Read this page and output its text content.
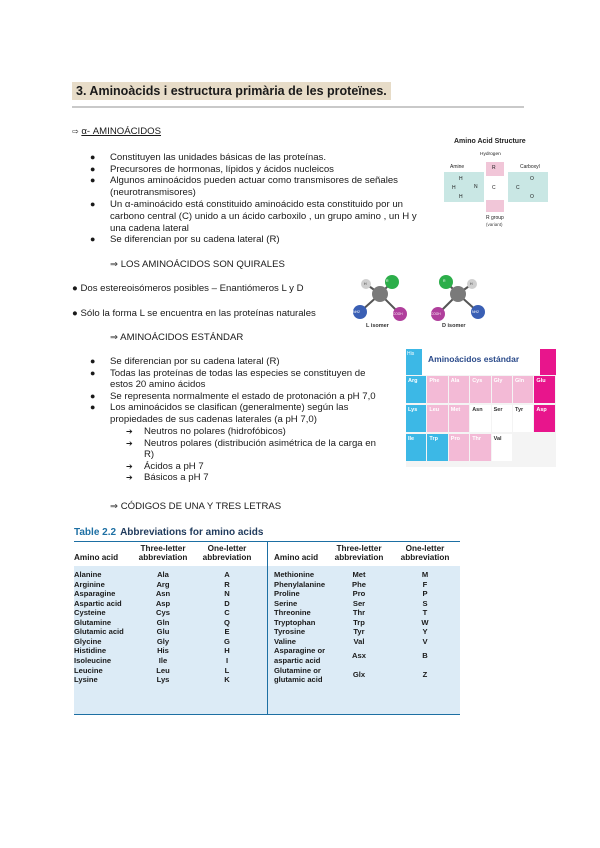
3. Aminoàcids i estructura primària de les proteïnes.
⇨ α- AMINOÁCIDOS
● Constituyen las unidades básicas de las proteínas.
● Precursores de hormonas, lípidos y ácidos nucleicos
● Algunos aminoácidos pueden actuar como transmisores de señales
(neurotransmisores)
● Un α-aminoácido está constituido aminoácido esta constituido por un
carbono central (C) unido a un ácido carboxilo , un grupo amino , un H y
una cadena lateral
● Se diferencian por su cadena lateral (R)
Amino Acid Structure
Hydrogen
Amine	Carboxyl
H
N
H
H
R
C	C
O
O
R group
(variant)
⇒ LOS AMINOÁCIDOS SON QUIRALES
● Dos estereoisómeros posibles – Enantiómeros L y D
● Sólo la forma L se encuentra en las proteínas naturales
R
NH2	COOH
H
R
NH2
COOH
H
L isomer	D isomer
⇒ AMINOÁCIDOS ESTÁNDAR
● Se diferencian por su cadena lateral (R)
● Todas las proteínas de todas las especies se constituyen de
estos 20 amino ácidos
● Se representa normalmente el estado de protonación a pH 7,0
● Los aminoácidos se clasifican (generalmente) según las
propiedades de sus cadenas laterales (a pH 7,0)
➔ Neutros no polares (hidrofóbicos)
➔ Neutros polares (distribución asimétrica de la carga en
R)
➔ Ácidos a pH 7
➔ Básicos a pH 7
Aminoácidos estándar
His
Arg Phe Ala Cys Gly Gln Glu
Lys Leu Met Asn Ser Tyr Asp
Ile	Trp Pro Thr Val
⇒ CÓDIGOS DE UNA Y TRES LETRAS
Table 2.2 Abbreviations for amino acids
Amino acid
Three-letter abbreviation
One-letter abbreviation	Amino acid
Three-letter abbreviation
One-letter abbreviation
Alanine	Ala	A
Arginine	Arg	R
Asparagine	Asn	N
Aspartic acid	Asp	D
Cysteine	Cys	C
Glutamine	Gln	Q
Glutamic acid	Glu	E
Glycine	Gly	G
Histidine	His	H
Isoleucine	Ile	I
Leucine	Leu	L
Lysine	Lys	K
Methionine	Met	M
Phenylalanine	Phe	F
Proline	Pro	P
Serine	Ser	S
Threonine	Thr	T
Tryptophan	Trp	W
Tyrosine	Tyr	Y
Valine	Val	V
Asparagine or
aspartic acid
Asx	B
Glutamine or
glutamic acid
Glx	Z
